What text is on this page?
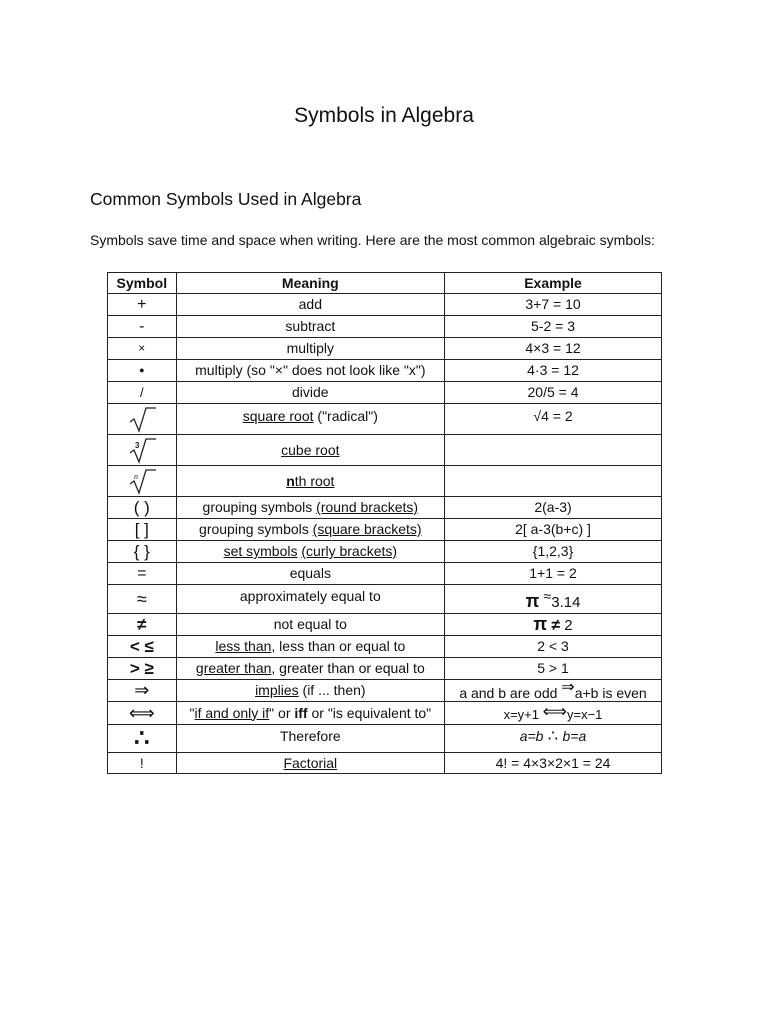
Symbols in Algebra
Common Symbols Used in Algebra
Symbols save time and space when writing. Here are the most common algebraic symbols:
Symbol	Meaning	Example
+	add	3+7 = 10
-	subtract	5-2 = 3
×	multiply	4×3 = 12
●	multiply (so "×" does not look like "x")	4·3 = 12
/	divide	20/5 = 4

	square root ("radical")	√4 = 2

3	cube root	

n	nth root	
( )	grouping symbols (round brackets)	2(a-3)
[ ]	grouping symbols (square brackets)	2[ a-3(b+c) ]
{ }	set symbols (curly brackets)	{1,2,3}
=	equals	1+1 = 2
≈	approximately equal to	π ≈3.14
≠	not equal to	π ≠ 2
< ≤	less than, less than or equal to	2 < 3
> ≥	greater than, greater than or equal to	5 > 1
⇒	implies (if ... then)	a and b are odd ⇒a+b is even
⟺	"if and only if" or iff or "is equivalent to"	x=y+1 ⟺y=x−1
∴	Therefore	a=b ∴ b=a
!	Factorial	4! = 4×3×2×1 = 24
